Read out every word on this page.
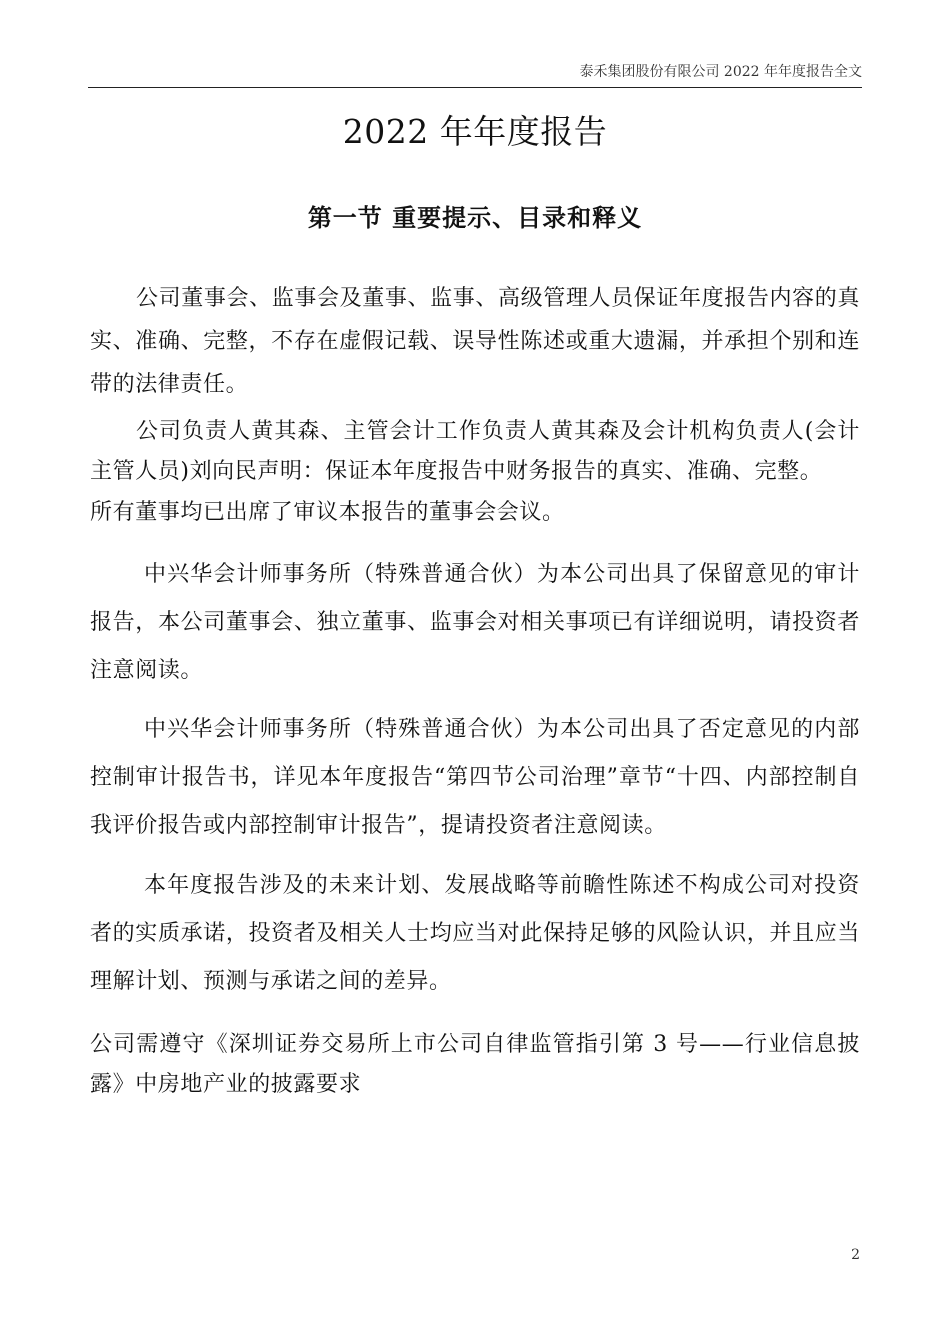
泰禾集团股份有限公司 2022 年年度报告全文
2022 年年度报告
第一节 重要提示、目录和释义

公司董事会、监事会及董事、监事、高级管理人员保证年度报告内容的真实、准确、完整，不存在虚假记载、误导性陈述或重大遗漏，并承担个别和连带的法律责任。

公司负责人黄其森、主管会计工作负责人黄其森及会计机构负责人(会计主管人员)刘向民声明：保证本年度报告中财务报告的真实、准确、完整。

所有董事均已出席了审议本报告的董事会会议。

中兴华会计师事务所（特殊普通合伙）为本公司出具了保留意见的审计报告，本公司董事会、独立董事、监事会对相关事项已有详细说明，请投资者注意阅读。

中兴华会计师事务所（特殊普通合伙）为本公司出具了否定意见的内部控制审计报告书，详见本年度报告“第四节公司治理”章节“十四、内部控制自我评价报告或内部控制审计报告”，提请投资者注意阅读。

本年度报告涉及的未来计划、发展战略等前瞻性陈述不构成公司对投资者的实质承诺，投资者及相关人士均应当对此保持足够的风险认识，并且应当理解计划、预测与承诺之间的差异。

公司需遵守《深圳证券交易所上市公司自律监管指引第 3 号——行业信息披露》中房地产业的披露要求

2
